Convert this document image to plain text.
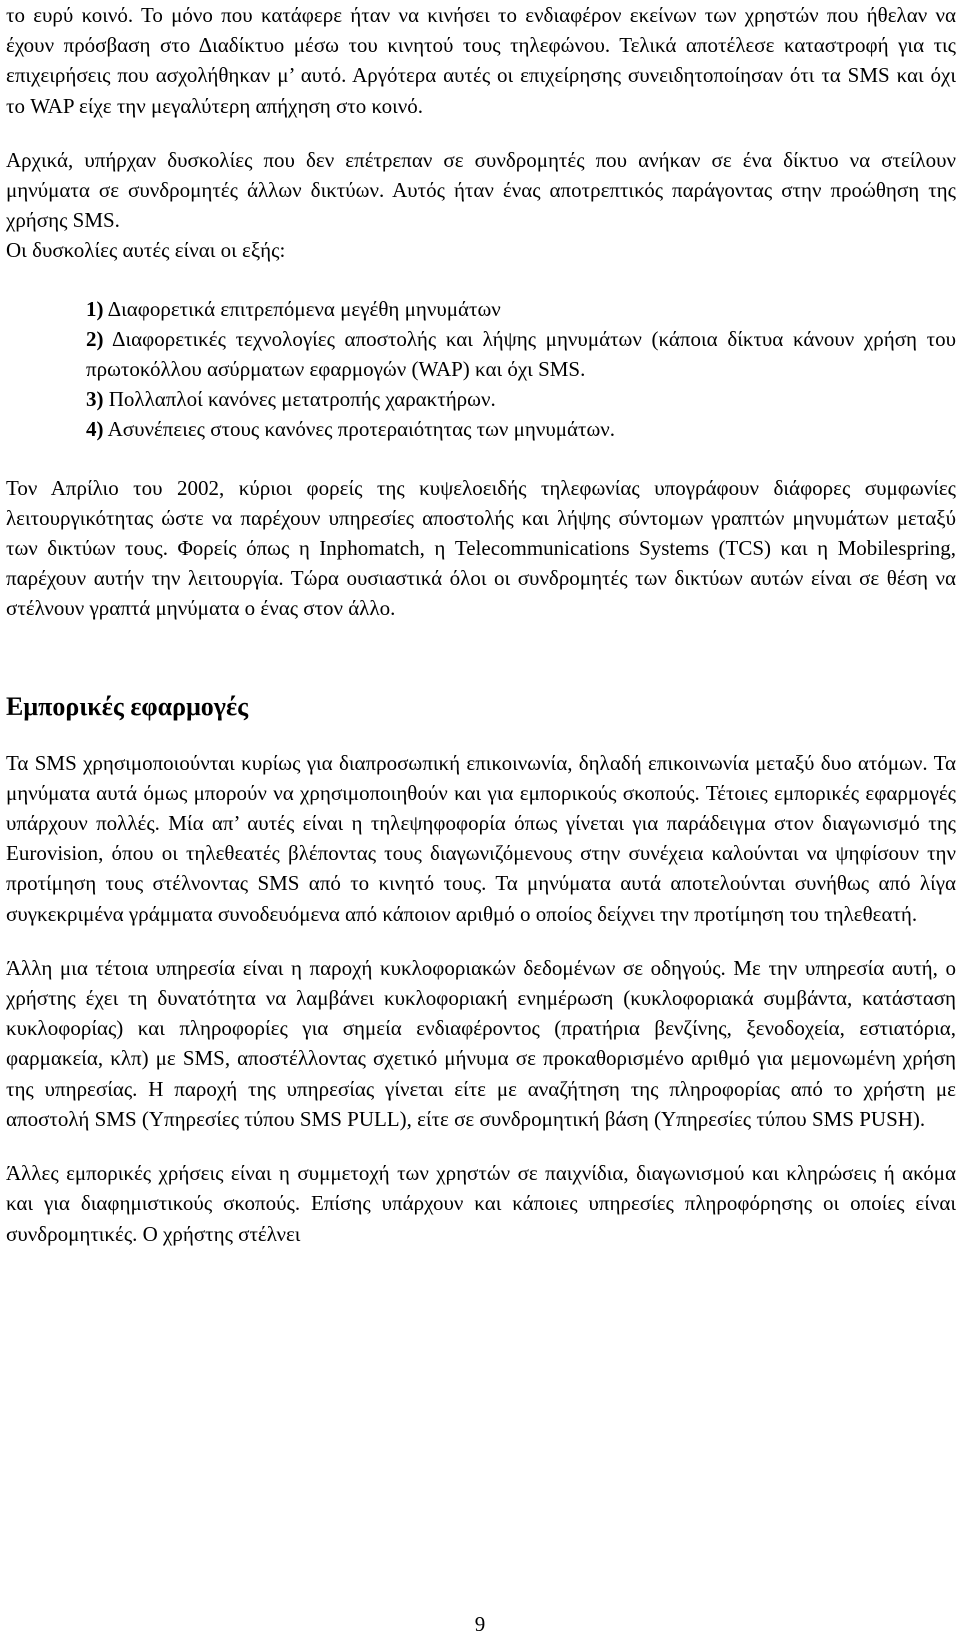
το ευρύ κοινό. Το μόνο που κατάφερε ήταν να κινήσει το ενδιαφέρον εκείνων των χρηστών που ήθελαν να έχουν πρόσβαση στο Διαδίκτυο μέσω του κινητού τους τηλεφώνου. Τελικά αποτέλεσε καταστροφή για τις επιχειρήσεις που ασχολήθηκαν μ’ αυτό. Αργότερα αυτές οι επιχείρησης συνειδητοποίησαν ότι τα SMS και όχι το WAP είχε την μεγαλύτερη απήχηση στο κοινό.

Αρχικά, υπήρχαν δυσκολίες που δεν επέτρεπαν σε συνδρομητές που ανήκαν σε ένα δίκτυο να στείλουν μηνύματα σε συνδρομητές άλλων δικτύων. Αυτός ήταν ένας αποτρεπτικός παράγοντας στην προώθηση της χρήσης SMS.

Οι δυσκολίες αυτές είναι οι εξής:

1) Διαφορετικά επιτρεπόμενα μεγέθη μηνυμάτων

2) Διαφορετικές τεχνολογίες αποστολής και λήψης μηνυμάτων (κάποια δίκτυα κάνουν χρήση του πρωτοκόλλου ασύρματων εφαρμογών (WAP) και όχι SMS.

3) Πολλαπλοί κανόνες μετατροπής χαρακτήρων.

4) Ασυνέπειες στους κανόνες προτεραιότητας των μηνυμάτων.

Τον Απρίλιο του 2002, κύριοι φορείς της κυψελοειδής τηλεφωνίας υπογράφουν διάφορες συμφωνίες λειτουργικότητας ώστε να παρέχουν υπηρεσίες αποστολής και λήψης σύντομων γραπτών μηνυμάτων μεταξύ των δικτύων τους. Φορείς όπως η Inphomatch, η Telecommunications Systems (TCS) και η Mobilespring, παρέχουν αυτήν την λειτουργία. Τώρα ουσιαστικά όλοι οι συνδρομητές των δικτύων αυτών είναι σε θέση να στέλνουν γραπτά μηνύματα ο ένας στον άλλο.

Εμπορικές εφαρμογές

Τα SMS χρησιμοποιούνται κυρίως για διαπροσωπική επικοινωνία, δηλαδή επικοινωνία μεταξύ δυο ατόμων. Τα μηνύματα αυτά όμως μπορούν να χρησιμοποιηθούν και για εμπορικούς σκοπούς. Τέτοιες εμπορικές εφαρμογές υπάρχουν πολλές. Μία απ’ αυτές είναι η τηλεψηφοφορία όπως γίνεται για παράδειγμα στον διαγωνισμό της Eurovision, όπου οι τηλεθεατές βλέποντας τους διαγωνιζόμενους στην συνέχεια καλούνται να ψηφίσουν την προτίμηση τους στέλνοντας SMS από το κινητό τους. Τα μηνύματα αυτά αποτελούνται συνήθως από λίγα συγκεκριμένα γράμματα συνοδευόμενα από κάποιον αριθμό ο οποίος δείχνει την προτίμηση του τηλεθεατή.

Άλλη μια τέτοια υπηρεσία είναι η παροχή κυκλοφοριακών δεδομένων σε οδηγούς. Με την υπηρεσία αυτή, ο χρήστης έχει τη δυνατότητα να λαμβάνει κυκλοφοριακή ενημέρωση (κυκλοφοριακά συμβάντα, κατάσταση κυκλοφορίας) και πληροφορίες για σημεία ενδιαφέροντος (πρατήρια βενζίνης, ξενοδοχεία, εστιατόρια, φαρμακεία, κλπ) με SMS, αποστέλλοντας σχετικό μήνυμα σε προκαθορισμένο αριθμό για μεμονωμένη χρήση της υπηρεσίας. Η παροχή της υπηρεσίας γίνεται είτε με αναζήτηση της πληροφορίας από το χρήστη με αποστολή SMS (Υπηρεσίες τύπου SMS PULL), είτε σε συνδρομητική βάση (Υπηρεσίες τύπου SMS PUSH).

Άλλες εμπορικές χρήσεις είναι η συμμετοχή των χρηστών σε παιχνίδια, διαγωνισμού και κληρώσεις ή ακόμα και για διαφημιστικούς σκοπούς. Επίσης υπάρχουν και κάποιες υπηρεσίες πληροφόρησης οι οποίες είναι συνδρομητικές. Ο χρήστης στέλνει

9
